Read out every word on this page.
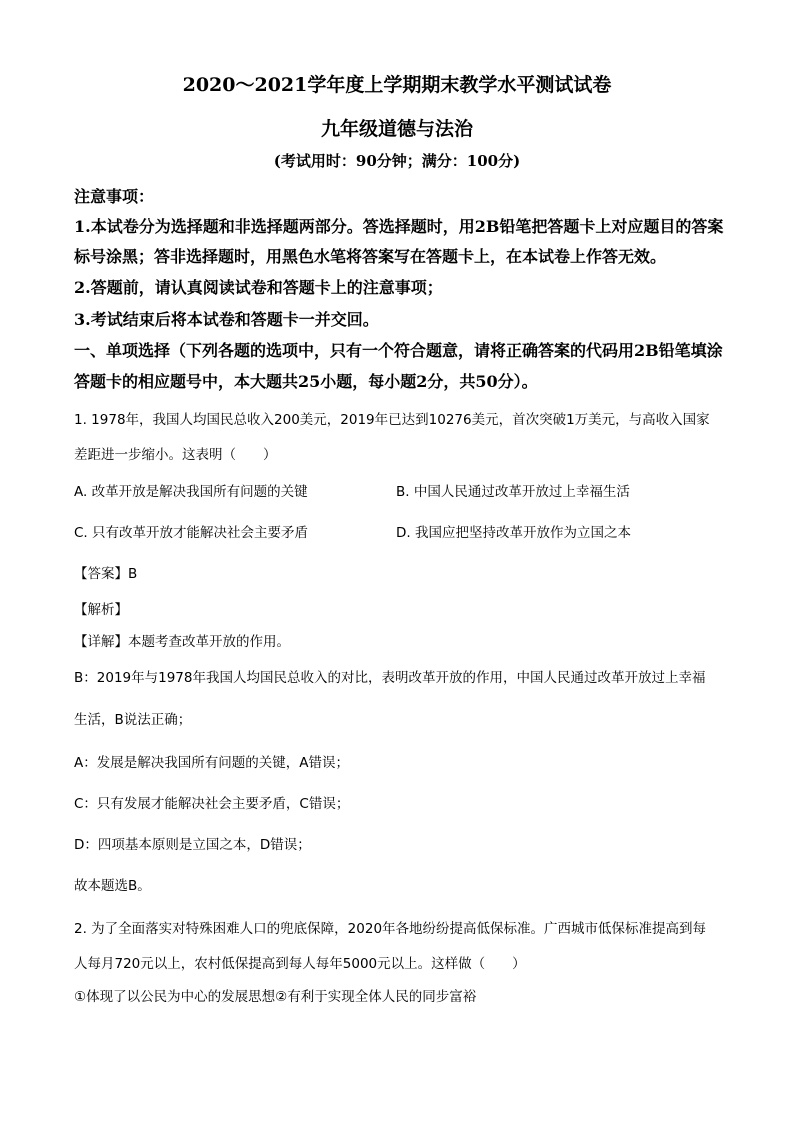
2020～2021学年度上学期期末教学水平测试试卷
九年级道德与法治
(考试用时：90分钟；满分：100分)
注意事项：
1.本试卷分为选择题和非选择题两部分。答选择题时，用2B铅笔把答题卡上对应题目的答案
标号涂黑；答非选择题时，用黑色水笔将答案写在答题卡上，在本试卷上作答无效。
2.答题前，请认真阅读试卷和答题卡上的注意事项；
3.考试结束后将本试卷和答题卡一并交回。
一、单项选择（下列各题的选项中，只有一个符合题意，请将正确答案的代码用2B铅笔填涂
答题卡的相应题号中，本大题共25小题，每小题2分，共50分）。
1. 1978年，我国人均国民总收入200美元，2019年已达到10276美元，首次突破1万美元，与高收入国家
差距进一步缩小。这表明（　　）
A. 改革开放是解决我国所有问题的关键	B. 中国人民通过改革开放过上幸福生活
C. 只有改革开放才能解决社会主要矛盾	D. 我国应把坚持改革开放作为立国之本
【答案】B
【解析】
【详解】本题考查改革开放的作用。
B：2019年与1978年我国人均国民总收入的对比，表明改革开放的作用，中国人民通过改革开放过上幸福
生活，B说法正确；
A：发展是解决我国所有问题的关键，A错误；
C：只有发展才能解决社会主要矛盾，C错误；
D：四项基本原则是立国之本，D错误；
故本题选B。
2. 为了全面落实对特殊困难人口的兜底保障，2020年各地纷纷提高低保标准。广西城市低保标准提高到每
人每月720元以上，农村低保提高到每人每年5000元以上。这样做（　　）
①体现了以公民为中心的发展思想②有利于实现全体人民的同步富裕
